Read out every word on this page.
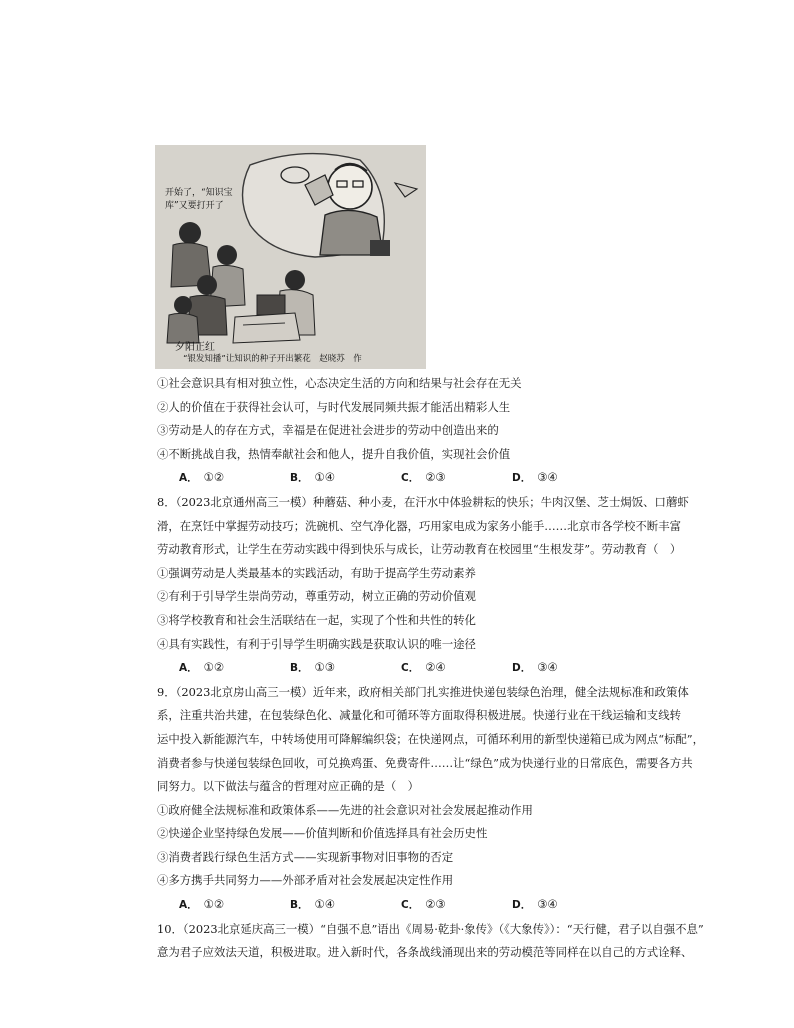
开始了，“知识宝库”又要打开了
夕阳正红
“银发知播”让知识的种子开出繁花　赵晓苏　作
①社会意识具有相对独立性，心态决定生活的方向和结果与社会存在无关
②人的价值在于获得社会认可，与时代发展同频共振才能活出精彩人生
③劳动是人的存在方式，幸福是在促进社会进步的劳动中创造出来的
④不断挑战自我，热情奉献社会和他人，提升自我价值，实现社会价值
A． ①②	B． ①④	C． ②③	D． ③④
8．（2023北京通州高三一模）种蘑菇、种小麦，在汗水中体验耕耘的快乐；牛肉汉堡、芝士焗饭、口蘑虾
滑，在烹饪中掌握劳动技巧；洗碗机、空气净化器，巧用家电成为家务小能手……北京市各学校不断丰富
劳动教育形式，让学生在劳动实践中得到快乐与成长，让劳动教育在校园里“生根发芽”。劳动教育（　）
①强调劳动是人类最基本的实践活动，有助于提高学生劳动素养
②有利于引导学生崇尚劳动，尊重劳动，树立正确的劳动价值观
③将学校教育和社会生活联结在一起，实现了个性和共性的转化
④具有实践性，有利于引导学生明确实践是获取认识的唯一途径
A． ①②	B． ①③	C． ②④	D． ③④
9．（2023北京房山高三一模）近年来，政府相关部门扎实推进快递包装绿色治理，健全法规标准和政策体
系，注重共治共建，在包装绿色化、减量化和可循环等方面取得积极进展。快递行业在干线运输和支线转
运中投入新能源汽车，中转场使用可降解编织袋；在快递网点，可循环利用的新型快递箱已成为网点“标配”，
消费者参与快递包装绿色回收，可兑换鸡蛋、免费寄件……让“绿色”成为快递行业的日常底色，需要各方共
同努力。以下做法与蕴含的哲理对应正确的是（　）
①政府健全法规标准和政策体系——先进的社会意识对社会发展起推动作用
②快递企业坚持绿色发展——价值判断和价值选择具有社会历史性
③消费者践行绿色生活方式——实现新事物对旧事物的否定
④多方携手共同努力——外部矛盾对社会发展起决定性作用
A． ①②	B． ①④	C． ②③	D． ③④
10．（2023北京延庆高三一模）“自强不息”语出《周易·乾卦·象传》（《大象传》）：“天行健，君子以自强不息”
意为君子应效法天道，积极进取。进入新时代，各条战线涌现出来的劳动模范等同样在以自己的方式诠释、
